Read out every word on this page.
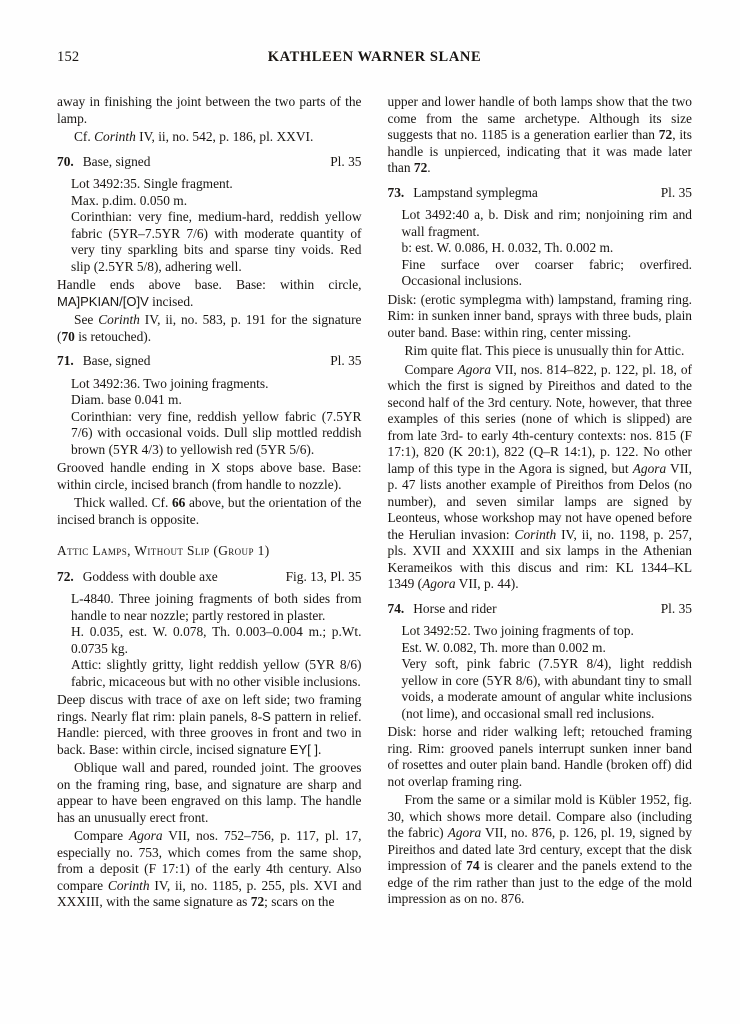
152	KATHLEEN WARNER SLANE

away in finishing the joint between the two parts of the lamp.

Cf. Corinth IV, ii, no. 542, p. 186, pl. XXVI.

70. Base, signed	Pl. 35

Lot 3492:35. Single fragment.

Max. p.dim. 0.050 m.

Corinthian: very fine, medium-hard, reddish yellow fabric (5YR–7.5YR 7/6) with moderate quantity of very tiny sparkling bits and sparse tiny voids. Red slip (2.5YR 5/8), adhering well.

Handle ends above base. Base: within circle, MA]PKIAN/[O]V incised.

See Corinth IV, ii, no. 583, p. 191 for the signature (70 is retouched).

71. Base, signed	Pl. 35

Lot 3492:36. Two joining fragments.

Diam. base 0.041 m.

Corinthian: very fine, reddish yellow fabric (7.5YR 7/6) with occasional voids. Dull slip mottled reddish brown (5YR 4/3) to yellowish red (5YR 5/6).

Grooved handle ending in X stops above base. Base: within circle, incised branch (from handle to nozzle).

Thick walled. Cf. 66 above, but the orientation of the incised branch is opposite.

Attic Lamps, Without Slip (Group 1)
72. Goddess with double axe	Fig. 13, Pl. 35

L-4840. Three joining fragments of both sides from handle to near nozzle; partly restored in plaster.

H. 0.035, est. W. 0.078, Th. 0.003–0.004 m.; p.Wt. 0.0735 kg.

Attic: slightly gritty, light reddish yellow (5YR 8/6) fabric, micaceous but with no other visible inclusions.

Deep discus with trace of axe on left side; two framing rings. Nearly flat rim: plain panels, 8-S pattern in relief. Handle: pierced, with three grooves in front and two in back. Base: within circle, incised signature EY[ ].

Oblique wall and pared, rounded joint. The grooves on the framing ring, base, and signature are sharp and appear to have been engraved on this lamp. The handle has an unusually erect front.

Compare Agora VII, nos. 752–756, p. 117, pl. 17, especially no. 753, which comes from the same shop, from a deposit (F 17:1) of the early 4th century. Also compare Corinth IV, ii, no. 1185, p. 255, pls. XVI and XXXIII, with the same signature as 72; scars on the

upper and lower handle of both lamps show that the two come from the same archetype. Although its size suggests that no. 1185 is a generation earlier than 72, its handle is unpierced, indicating that it was made later than 72.

73. Lampstand symplegma	Pl. 35

Lot 3492:40 a, b. Disk and rim; nonjoining rim and wall fragment.

b: est. W. 0.086, H. 0.032, Th. 0.002 m.

Fine surface over coarser fabric; overfired. Occasional inclusions.

Disk: (erotic symplegma with) lampstand, framing ring. Rim: in sunken inner band, sprays with three buds, plain outer band. Base: within ring, center missing.

Rim quite flat. This piece is unusually thin for Attic.

Compare Agora VII, nos. 814–822, p. 122, pl. 18, of which the first is signed by Pireithos and dated to the second half of the 3rd century. Note, however, that three examples of this series (none of which is slipped) are from late 3rd- to early 4th-century contexts: nos. 815 (F 17:1), 820 (K 20:1), 822 (Q–R 14:1), p. 122. No other lamp of this type in the Agora is signed, but Agora VII, p. 47 lists another example of Pireithos from Delos (no number), and seven similar lamps are signed by Leonteus, whose workshop may not have opened before the Herulian invasion: Corinth IV, ii, no. 1198, p. 257, pls. XVII and XXXIII and six lamps in the Athenian Kerameikos with this discus and rim: KL 1344–KL 1349 (Agora VII, p. 44).

74. Horse and rider	Pl. 35

Lot 3492:52. Two joining fragments of top.

Est. W. 0.082, Th. more than 0.002 m.

Very soft, pink fabric (7.5YR 8/4), light reddish yellow in core (5YR 8/6), with abundant tiny to small voids, a moderate amount of angular white inclusions (not lime), and occasional small red inclusions.

Disk: horse and rider walking left; retouched framing ring. Rim: grooved panels interrupt sunken inner band of rosettes and outer plain band. Handle (broken off) did not overlap framing ring.

From the same or a similar mold is Kübler 1952, fig. 30, which shows more detail. Compare also (including the fabric) Agora VII, no. 876, p. 126, pl. 19, signed by Pireithos and dated late 3rd century, except that the disk impression of 74 is clearer and the panels extend to the edge of the rim rather than just to the edge of the mold impression as on no. 876.
